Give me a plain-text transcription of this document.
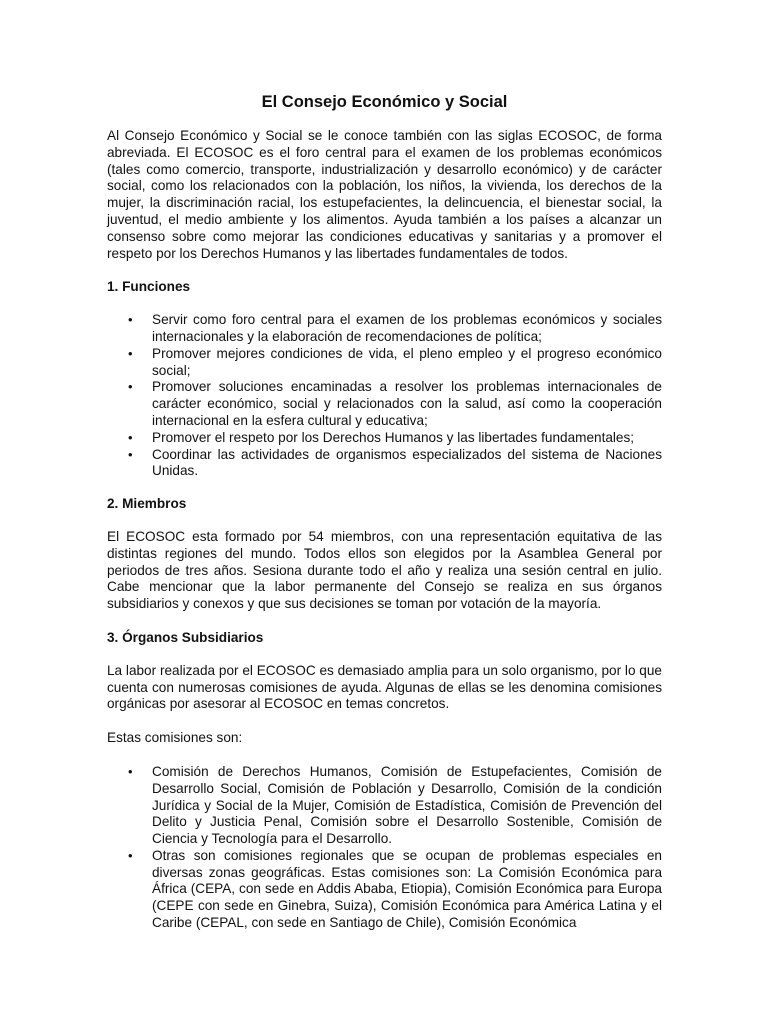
El Consejo Económico y Social

Al Consejo Económico y Social se le conoce también con las siglas ECOSOC, de forma abreviada. El ECOSOC es el foro central para el examen de los problemas económicos (tales como comercio, transporte, industrialización y desarrollo económico) y de carácter social, como los relacionados con la población, los niños, la vivienda, los derechos de la mujer, la discriminación racial, los estupefacientes, la delincuencia, el bienestar social, la juventud, el medio ambiente y los alimentos. Ayuda también a los países a alcanzar un consenso sobre como mejorar las condiciones educativas y sanitarias y a promover el respeto por los Derechos Humanos y las libertades fundamentales de todos.

1. Funciones
• Servir como foro central para el examen de los problemas económicos y sociales internacionales y la elaboración de recomendaciones de política;
• Promover mejores condiciones de vida, el pleno empleo y el progreso económico social;
• Promover soluciones encaminadas a resolver los problemas internacionales de carácter económico, social y relacionados con la salud, así como la cooperación internacional en la esfera cultural y educativa;
• Promover el respeto por los Derechos Humanos y las libertades fundamentales;
• Coordinar las actividades de organismos especializados del sistema de Naciones Unidas.
2. Miembros

El ECOSOC esta formado por 54 miembros, con una representación equitativa de las distintas regiones del mundo. Todos ellos son elegidos por la Asamblea General por periodos de tres años. Sesiona durante todo el año y realiza una sesión central en julio. Cabe mencionar que la labor permanente del Consejo se realiza en sus órganos subsidiarios y conexos y que sus decisiones se toman por votación de la mayoría.

3. Órganos Subsidiarios

La labor realizada por el ECOSOC es demasiado amplia para un solo organismo, por lo que cuenta con numerosas comisiones de ayuda. Algunas de ellas se les denomina comisiones orgánicas por asesorar al ECOSOC en temas concretos.

Estas comisiones son:

• Comisión de Derechos Humanos, Comisión de Estupefacientes, Comisión de Desarrollo Social, Comisión de Población y Desarrollo, Comisión de la condición Jurídica y Social de la Mujer, Comisión de Estadística, Comisión de Prevención del Delito y Justicia Penal, Comisión sobre el Desarrollo Sostenible, Comisión de Ciencia y Tecnología para el Desarrollo.
• Otras son comisiones regionales que se ocupan de problemas especiales en diversas zonas geográficas. Estas comisiones son: La Comisión Económica para África (CEPA, con sede en Addis Ababa, Etiopia), Comisión Económica para Europa (CEPE con sede en Ginebra, Suiza), Comisión Económica para América Latina y el Caribe (CEPAL, con sede en Santiago de Chile), Comisión Económica
